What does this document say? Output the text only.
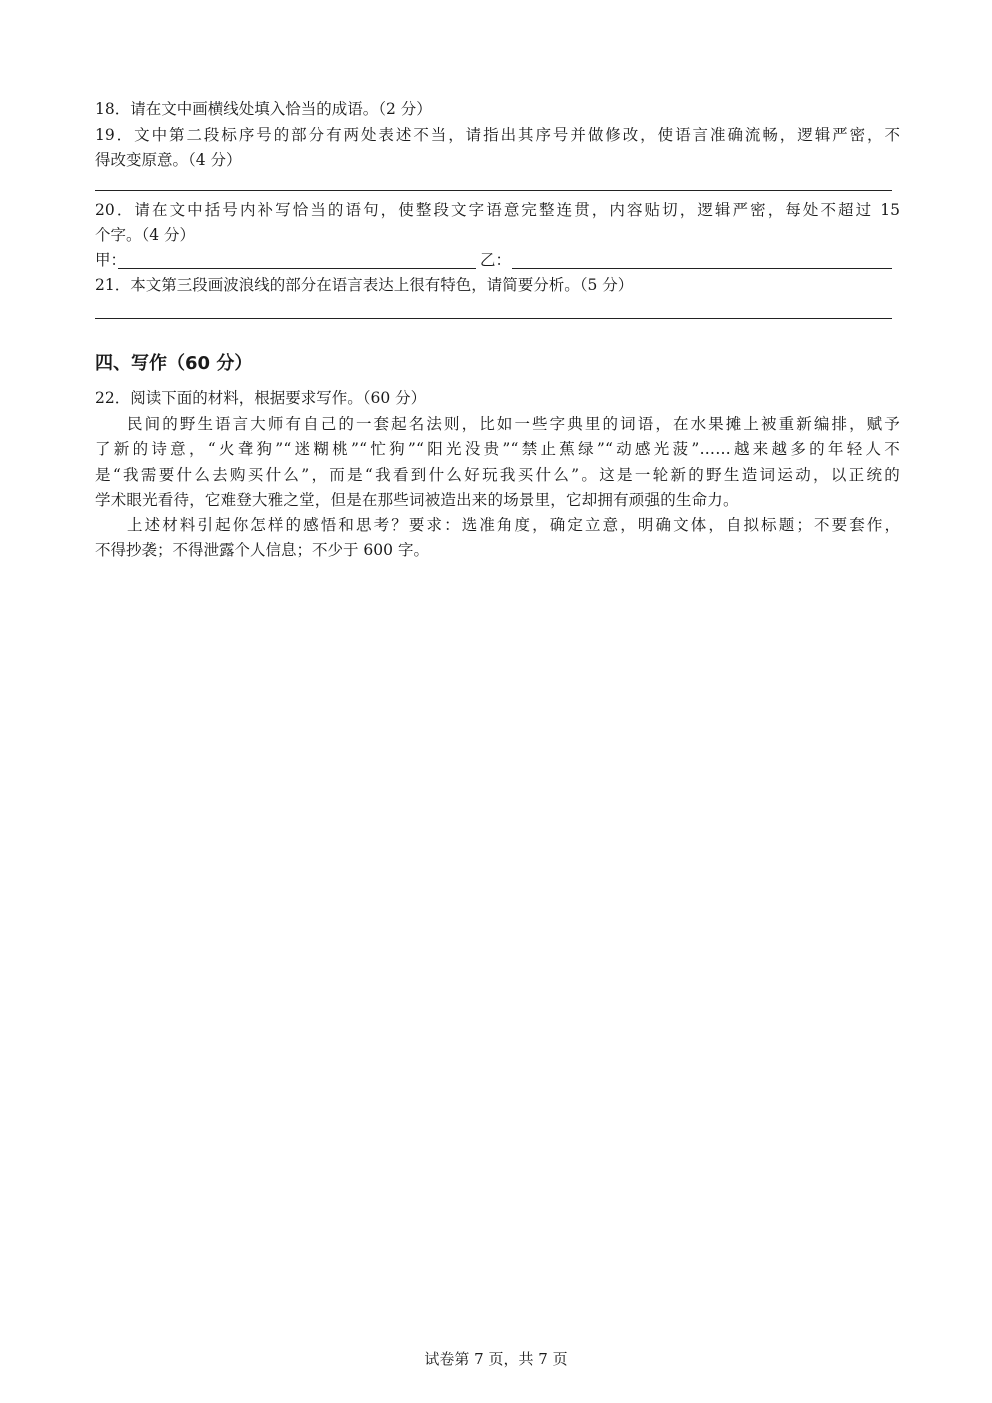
18．请在文中画横线处填入恰当的成语。（2 分）
19．文中第二段标序号的部分有两处表述不当，请指出其序号并做修改，使语言准确流畅，逻辑严密，不
得改变原意。（4 分）
20．请在文中括号内补写恰当的语句，使整段文字语意完整连贯，内容贴切，逻辑严密，每处不超过 15
个字。（4 分）
甲：	乙：
21．本文第三段画波浪线的部分在语言表达上很有特色，请简要分析。（5 分）
四、写作（60 分）
22．阅读下面的材料，根据要求写作。（60 分）
民间的野生语言大师有自己的一套起名法则，比如一些字典里的词语，在水果摊上被重新编排，赋予
了新的诗意，“火聋狗”“迷糊桃”“忙狗”“阳光没贵”“禁止蕉绿”“动感光菠”……越来越多的年轻人不
是“我需要什么去购买什么”，而是“我看到什么好玩我买什么”。这是一轮新的野生造词运动，以正统的
学术眼光看待，它难登大雅之堂，但是在那些词被造出来的场景里，它却拥有顽强的生命力。
上述材料引起你怎样的感悟和思考？要求：选准角度，确定立意，明确文体，自拟标题；不要套作，
不得抄袭；不得泄露个人信息；不少于 600 字。
试卷第 7 页，共 7 页
